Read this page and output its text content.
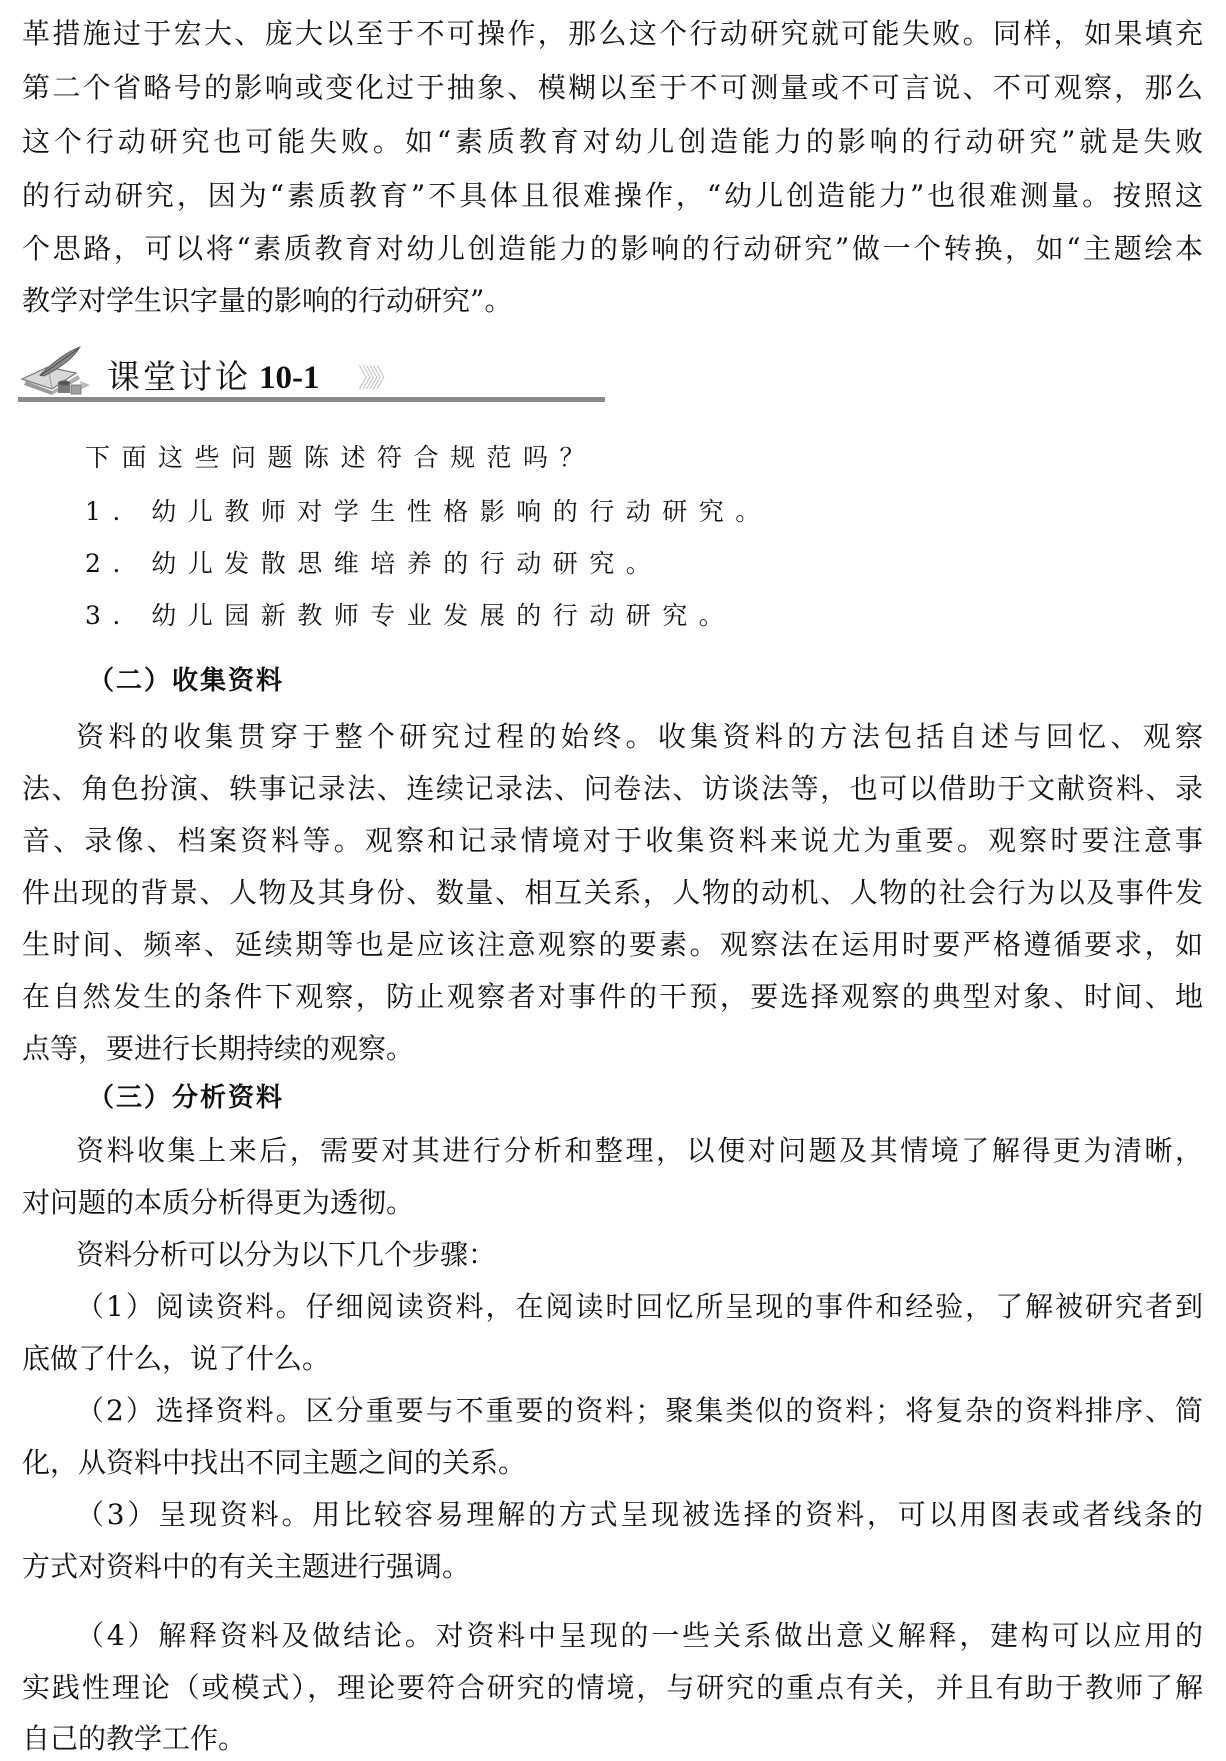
革措施过于宏大、庞大以至于不可操作，那么这个行动研究就可能失败。同样，如果填充
第二个省略号的影响或变化过于抽象、模糊以至于不可测量或不可言说、不可观察，那么
这个行动研究也可能失败。如“素质教育对幼儿创造能力的影响的行动研究”就是失败
的行动研究，因为“素质教育”不具体且很难操作，“幼儿创造能力”也很难测量。按照这
个思路，可以将“素质教育对幼儿创造能力的影响的行动研究”做一个转换，如“主题绘本
教学对学生识字量的影响的行动研究”。
课堂讨论 10-1 》》》
下面这些问题陈述符合规范吗？
1. 幼儿教师对学生性格影响的行动研究。
2. 幼儿发散思维培养的行动研究。
3. 幼儿园新教师专业发展的行动研究。
（二）收集资料
资料的收集贯穿于整个研究过程的始终。收集资料的方法包括自述与回忆、观察
法、角色扮演、轶事记录法、连续记录法、问卷法、访谈法等，也可以借助于文献资料、录
音、录像、档案资料等。观察和记录情境对于收集资料来说尤为重要。观察时要注意事
件出现的背景、人物及其身份、数量、相互关系，人物的动机、人物的社会行为以及事件发
生时间、频率、延续期等也是应该注意观察的要素。观察法在运用时要严格遵循要求，如
在自然发生的条件下观察，防止观察者对事件的干预，要选择观察的典型对象、时间、地
点等，要进行长期持续的观察。
（三）分析资料
资料收集上来后，需要对其进行分析和整理，以便对问题及其情境了解得更为清晰，
对问题的本质分析得更为透彻。
资料分析可以分为以下几个步骤：
（1）阅读资料。仔细阅读资料，在阅读时回忆所呈现的事件和经验，了解被研究者到
底做了什么，说了什么。
（2）选择资料。区分重要与不重要的资料；聚集类似的资料；将复杂的资料排序、简
化，从资料中找出不同主题之间的关系。
（3）呈现资料。用比较容易理解的方式呈现被选择的资料，可以用图表或者线条的
方式对资料中的有关主题进行强调。
（4）解释资料及做结论。对资料中呈现的一些关系做出意义解释，建构可以应用的
实践性理论（或模式），理论要符合研究的情境，与研究的重点有关，并且有助于教师了解
自己的教学工作。
